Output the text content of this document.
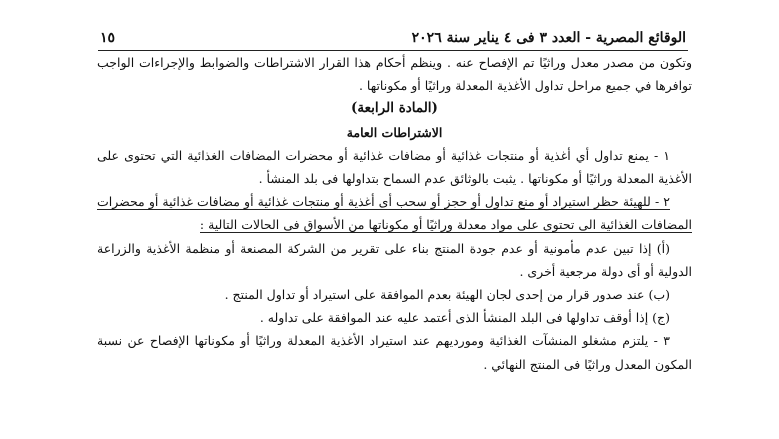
الوقائع المصرية - العدد ٣ فى ٤ يناير سنة ٢٠٢٦
١٥

وتكون من مصدر معدل وراثيًا تم الإفصاح عنه . وينظم أحكام هذا القرار الاشتراطات والضوابط والإجراءات الواجب توافرها في جميع مراحل تداول الأغذية المعدلة وراثيًا أو مكوناتها .

(المادة الرابعة)

الاشتراطات العامة

١ - يمنع تداول أي أغذية أو منتجات غذائية أو مضافات غذائية أو محضرات المضافات الغذائية التي تحتوى على الأغذية المعدلة وراثيًا أو مكوناتها . يثبت بالوثائق عدم السماح بتداولها فى بلد المنشأ .

٢ - للهيئة حظر استيراد أو منع تداول أو حجز أو سحب أى أغذية أو منتجات غذائية أو مضافات غذائية أو محضرات المضافات الغذائية الى تحتوى على مواد معدلة وراثيًا أو مكوناتها من الأسواق فى الحالات التالية :

(أ) إذا تبين عدم مأمونية أو عدم جودة المنتج بناء على تقرير من الشركة المصنعة أو منظمة الأغذية والزراعة الدولية أو أى دولة مرجعية أخرى .

(ب) عند صدور قرار من إحدى لجان الهيئة بعدم الموافقة على استيراد أو تداول المنتج .

(ج) إذا أوقف تداولها فى البلد المنشأ الذى أعتمد عليه عند الموافقة على تداوله .

٣ - يلتزم مشغلو المنشآت الغذائية ومورديهم عند استيراد الأغذية المعدلة وراثيًا أو مكوناتها الإفصاح عن نسبة المكون المعدل وراثيًا فى المنتج النهائي .
